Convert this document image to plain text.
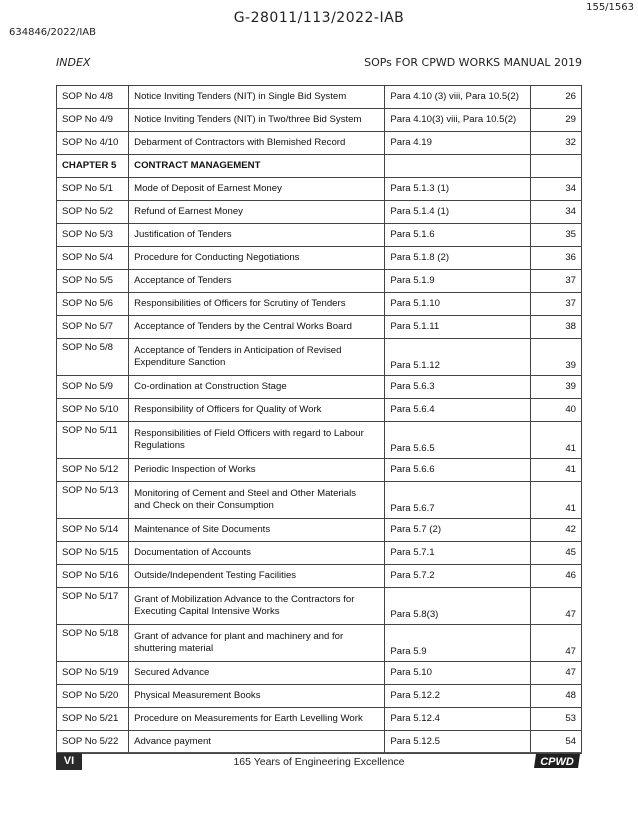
155/1563
G-28011/113/2022-IAB
634846/2022/IAB
INDEX	SOPs FOR CPWD WORKS MANUAL 2019
SOP No 4/8	Notice Inviting Tenders (NIT) in Single Bid System	Para 4.10 (3) viii, Para 10.5(2)	26
SOP No 4/9	Notice Inviting Tenders (NIT) in Two/three Bid System	Para 4.10(3) viii, Para 10.5(2)	29
SOP No 4/10	Debarment of Contractors with Blemished Record	Para 4.19	32
CHAPTER 5	CONTRACT MANAGEMENT		
SOP No 5/1	Mode of Deposit of Earnest Money	Para 5.1.3 (1)	34
SOP No 5/2	Refund of Earnest Money	Para 5.1.4 (1)	34
SOP No 5/3	Justification of Tenders	Para 5.1.6	35
SOP No 5/4	Procedure for Conducting Negotiations	Para 5.1.8 (2)	36
SOP No 5/5	Acceptance of Tenders	Para 5.1.9	37
SOP No 5/6	Responsibilities of Officers for Scrutiny of Tenders	Para 5.1.10	37
SOP No 5/7	Acceptance of Tenders by the Central Works Board	Para 5.1.11	38
SOP No 5/8	Acceptance of Tenders in Anticipation of Revised
Expenditure Sanction	Para 5.1.12	39
SOP No 5/9	Co-ordination at Construction Stage	Para 5.6.3	39
SOP No 5/10	Responsibility of Officers for Quality of Work	Para 5.6.4	40
SOP No 5/11	Responsibilities of Field Officers with regard to Labour
Regulations	Para 5.6.5	41
SOP No 5/12	Periodic Inspection of Works	Para 5.6.6	41
SOP No 5/13	Monitoring of Cement and Steel and Other Materials
and Check on their Consumption	Para 5.6.7	41
SOP No 5/14	Maintenance of Site Documents	Para 5.7 (2)	42
SOP No 5/15	Documentation of Accounts	Para 5.7.1	45
SOP No 5/16	Outside/Independent Testing Facilities	Para 5.7.2	46
SOP No 5/17	Grant of Mobilization Advance to the Contractors for
Executing Capital Intensive Works	Para 5.8(3)	47
SOP No 5/18	Grant of advance for plant and machinery and for
shuttering material	Para 5.9	47
SOP No 5/19	Secured Advance	Para 5.10	47
SOP No 5/20	Physical Measurement Books	Para 5.12.2	48
SOP No 5/21	Procedure on Measurements for Earth Levelling Work	Para 5.12.4	53
SOP No 5/22	Advance payment	Para 5.12.5	54
VI	165 Years of Engineering Excellence	CPWD
